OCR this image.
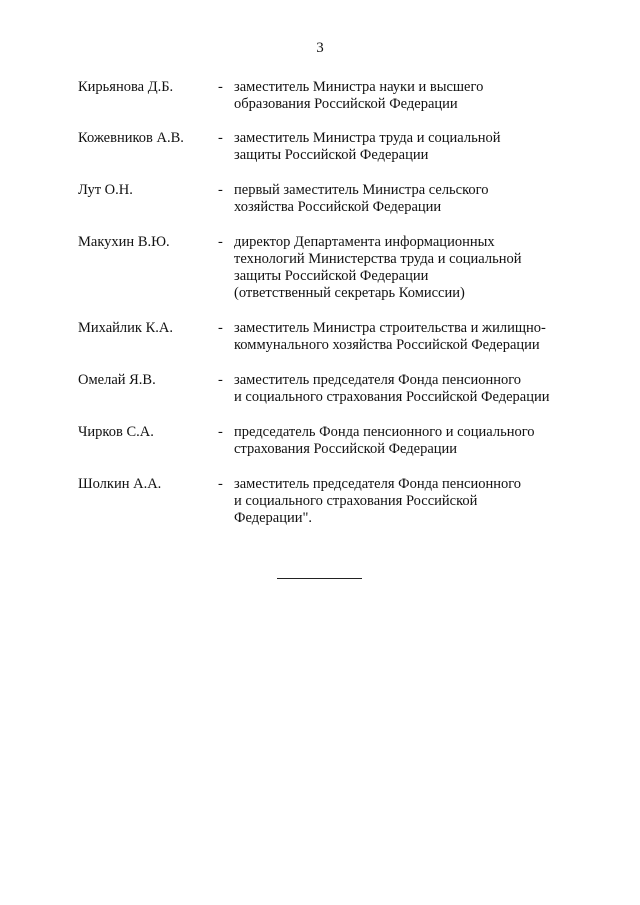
3
Кирьянова Д.Б.	- заместитель Министра науки и высшего
образования Российской Федерации
Кожевников А.В. - заместитель Министра труда и социальной
защиты Российской Федерации
Лут О.Н.	- первый заместитель Министра сельского
хозяйства Российской Федерации
Макухин В.Ю.	- директор Департамента информационных
технологий Министерства труда и социальной
защиты Российской Федерации
(ответственный секретарь Комиссии)
Михайлик К.А.	- заместитель Министра строительства и жилищно-
коммунального хозяйства Российской Федерации
Омелай Я.В.	- заместитель председателя Фонда пенсионного
и социального страхования Российской Федерации
Чирков С.А.	- председатель Фонда пенсионного и социального
страхования Российской Федерации
Шолкин А.А.	- заместитель председателя Фонда пенсионного
и социального страхования Российской
Федерации".
